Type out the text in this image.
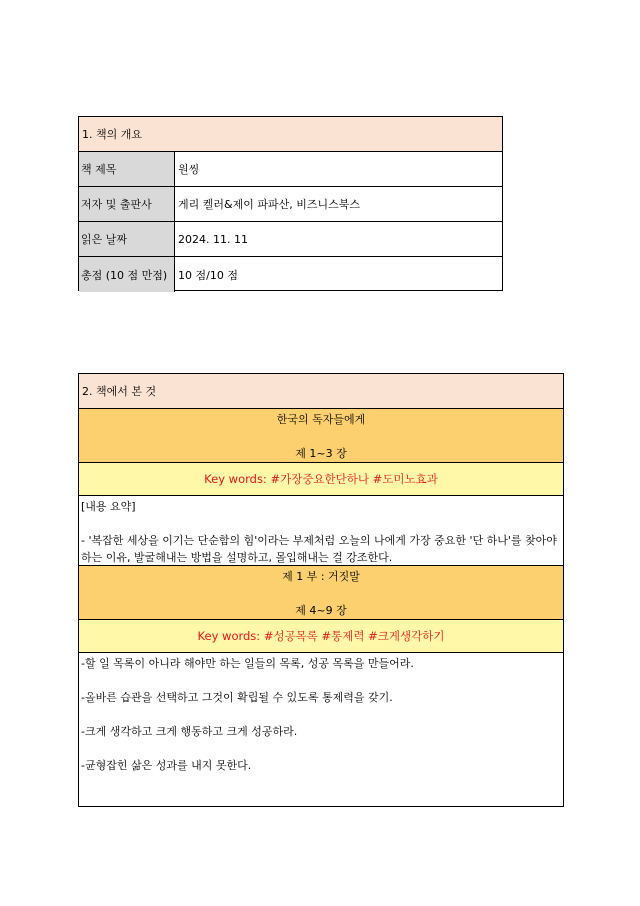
1. 책의 개요
책 제목	원씽
저자 및 출판사	게리 켈러&제이 파파산, 비즈니스북스
읽은 날짜	2024. 11. 11
총점 (10 점 만점) 10 점/10 점
2. 책에서 본 것
한국의 독자들에게
제 1~3 장
Key words: #가장중요한단하나 #도미노효과

[내용 요약]

- '복잡한 세상을 이기는 단순함의 힘'이라는 부제처럼 오늘의 나에게 가장 중요한 '단 하나'를 찾아야 하는 이유, 발굴해내는 방법을 설명하고, 몰입해내는 걸 강조한다.

제 1 부 : 거짓말
제 4~9 장
Key words: #성공목록 #통제력 #크게생각하기

-할 일 목록이 아니라 해야만 하는 일들의 목록, 성공 목록을 만들어라.

-올바른 습관을 선택하고 그것이 확립될 수 있도록 통제력을 갖기.

-크게 생각하고 크게 행동하고 크게 성공하라.

-균형잡힌 삶은 성과를 내지 못한다.
